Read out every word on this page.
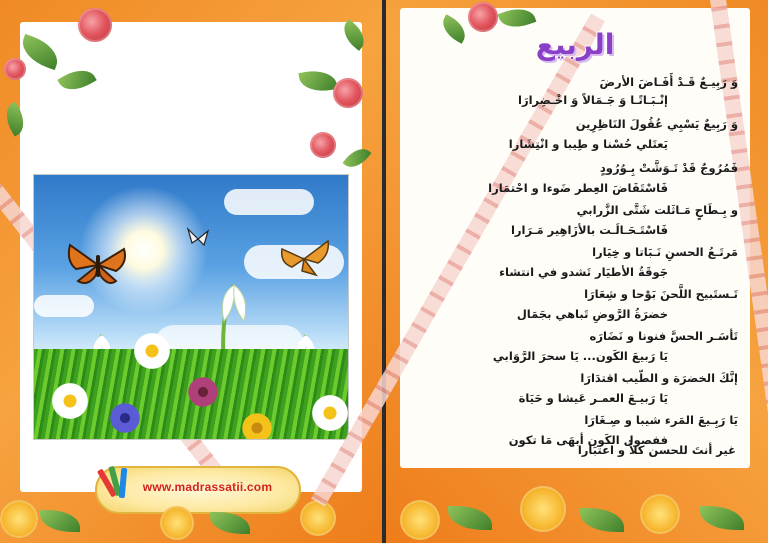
www.madrassatii.com
الربيع
وَ رَبِيـعٌ قَـدْ أَفَـاضَ الأرضَ
إنْـبَـاتًـا وَ جَـمَالاً وَ اخْـضِرارَا
وَ رَبِيعٌ يَسْبِي عُقُولَ النَاظِرِين
يَعتَلي حُسْنا و طِيبا و انْتِشَارا
فَمُرُوجٌ قَدْ تَـوَشَّتْ بِـوُرُودٍ
فَاسْتَفَاضَ العِطر ضَوءا و احْتمَارا
و بِـطَاحٍ مَـاثَلت شَتَّى الزَّرابي
فَاسْتَـحَـالَـت بالأزَاهِير مَـرَارا
مَرتَـعُ الحسنِ نَـبَاتا و خِيَارا
جَوقَةُ الأطيَار تَشدو في انتشاء
تَـستَبيح اللَّحنَ بَوْحا و شِعَارَا
خضرَةُ الرَّوضِ تَباهي بجَمَال
تَأسَـر الحسَّ فنونا و نَضَارَه
يَا رَبيعَ الكَون... يَا سحرَ الرَّوَابي
إنَّكَ الخضرَة و الطّيب اقتدَارَا
يَا رَبيـعَ العمـر عَيشا و حَيَاة
يَا رَبِـيعَ المَرء شيبا و صِـغَارَا
ففصول الكَون أبهَى مَا تكون
غير أنتَ للحسن كلاًّ و اعتبَارا
